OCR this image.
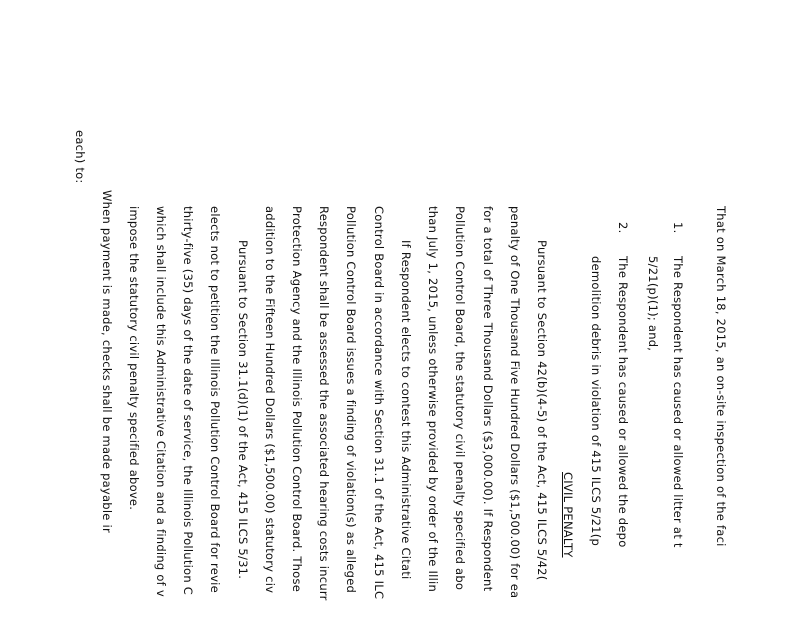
That on March 18, 2015, an on-site inspection of the faci
1.
The Respondent has caused or allowed litter at t
5/21(p)(1); and,
2.
The Respondent has caused or allowed the depo
demolition debris in violation of 415 ILCS 5/21(p
CIVIL PENALTY
Pursuant to Section 42(b)(4-5) of the Act, 415 ILCS 5/42(
penalty of One Thousand Five Hundred Dollars ($1,500.00) for ea
for a total of Three Thousand Dollars ($3,000.00). If Respondent
Pollution Control Board, the statutory civil penalty specified abo
than July 1, 2015, unless otherwise provided by order of the Illin
If Respondent elects to contest this Administrative Citati
Control Board in accordance with Section 31.1 of the Act, 415 ILC
Pollution Control Board issues a finding of violation(s) as alleged
Respondent shall be assessed the associated hearing costs incurr
Protection Agency and the Illinois Pollution Control Board. Those
addition to the Fifteen Hundred Dollars ($1,500.00) statutory civ
Pursuant to Section 31.1(d)(1) of the Act, 415 ILCS 5/31.
elects not to petition the Illinois Pollution Control Board for revie
thirty-five (35) days of the date of service, the Illinois Pollution C
which shall include this Administrative Citation and a finding of v
impose the statutory civil penalty specified above.
When payment is made, checks shall be made payable ir
each) to:
